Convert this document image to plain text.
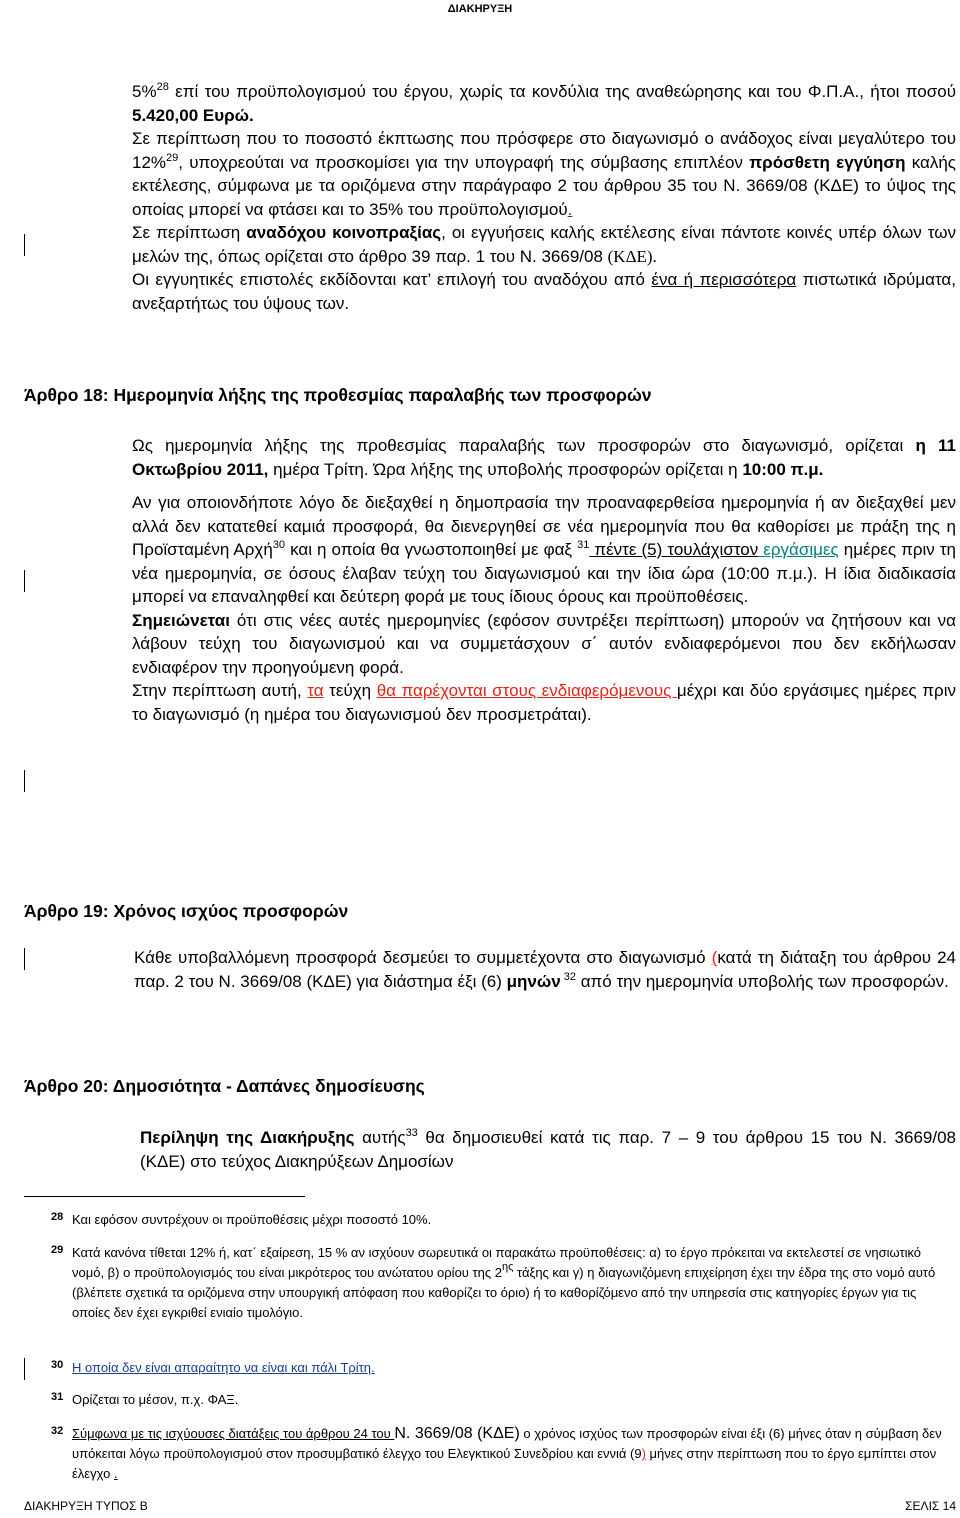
ΔΙΑΚΗΡΥΞΗ

5%$^{28}$ επί του προϋπολογισμού του έργου, χωρίς τα κονδύλια της αναθεώρησης και του Φ.Π.Α., ήτοι ποσού 5.420,00 Ευρώ.

Σε περίπτωση που το ποσοστό έκπτωσης που πρόσφερε στο διαγωνισμό ο ανάδοχος είναι μεγαλύτερο του 12%$^{29}$, υποχρεούται να προσκομίσει για την υπογραφή της σύμβασης επιπλέον πρόσθετη εγγύηση καλής εκτέλεσης, σύμφωνα με τα οριζόμενα στην παράγραφο 2 του άρθρου 35 του Ν. 3669/08 (ΚΔΕ) το ύψος της οποίας μπορεί να φτάσει και το 35% του προϋπολογισμού.

Σε περίπτωση αναδόχου κοινοπραξίας, οι εγγυήσεις καλής εκτέλεσης είναι πάντοτε κοινές υπέρ όλων των μελών της, όπως ορίζεται στο άρθρο 39 παρ. 1 του Ν. 3669/08 (ΚΔΕ).

Οι εγγυητικές επιστολές εκδίδονται κατ’ επιλογή του αναδόχου από ένα ή περισσότερα πιστωτικά ιδρύματα, ανεξαρτήτως του ύψους των.

Άρθρο 18: Ημερομηνία λήξης της προθεσμίας παραλαβής των προσφορών

Ως ημερομηνία λήξης της προθεσμίας παραλαβής των προσφορών στο διαγωνισμό, ορίζεται η 11 Οκτωβρίου 2011, ημέρα Τρίτη. Ώρα λήξης της υποβολής προσφορών ορίζεται η 10:00 π.μ.

Αν για οποιονδήποτε λόγο δε διεξαχθεί η δημοπρασία την προαναφερθείσα ημερομηνία ή αν διεξαχθεί μεν αλλά δεν κατατεθεί καμιά προσφορά, θα διενεργηθεί σε νέα ημερομηνία που θα καθορίσει με πράξη της η Προϊσταμένη Αρχή$^{30}$ και η οποία θα γνωστοποιηθεί με φαξ $^{31}$ πέντε (5) τουλάχιστον εργάσιμες ημέρες πριν τη νέα ημερομηνία, σε όσους έλαβαν τεύχη του διαγωνισμού και την ίδια ώρα (10:00 π.μ.). Η ίδια διαδικασία μπορεί να επαναληφθεί και δεύτερη φορά με τους ίδιους όρους και προϋποθέσεις.

Σημειώνεται ότι στις νέες αυτές ημερομηνίες (εφόσον συντρέξει περίπτωση) μπορούν να ζητήσουν και να λάβουν τεύχη του διαγωνισμού και να συμμετάσχουν σ΄ αυτόν ενδιαφερόμενοι που δεν εκδήλωσαν ενδιαφέρον την προηγούμενη φορά.

Στην περίπτωση αυτή, τα τεύχη θα παρέχονται στους ενδιαφερόμενους μέχρι και δύο εργάσιμες ημέρες πριν το διαγωνισμό (η ημέρα του διαγωνισμού δεν προσμετράται).

Άρθρο 19: Χρόνος ισχύος προσφορών

Κάθε υποβαλλόμενη προσφορά δεσμεύει το συμμετέχοντα στο διαγωνισμό (κατά τη διάταξη του άρθρου 24 παρ. 2 του Ν. 3669/08 (ΚΔΕ) για διάστημα έξι (6) μηνών $^{32}$ από την ημερομηνία υποβολής των προσφορών.

Άρθρο 20: Δημοσιότητα - Δαπάνες δημοσίευσης

Περίληψη της Διακήρυξης αυτής$^{33}$ θα δημοσιευθεί κατά τις παρ. 7 – 9 του άρθρου 15 του Ν. 3669/08 (ΚΔΕ) στο τεύχος Διακηρύξεων Δημοσίων

28 Και εφόσον συντρέχουν οι προϋποθέσεις μέχρι ποσοστό 10%.
29 Κατά κανόνα τίθεται 12% ή, κατ΄ εξαίρεση, 15 % αν ισχύουν σωρευτικά οι παρακάτω προϋποθέσεις: α) το έργο πρόκειται να εκτελεστεί σε νησιωτικό νομό, β) ο προϋπολογισμός του είναι μικρότερος του ανώτατου ορίου της $2^{\eta\varsigma}$ τάξης και γ) η διαγωνιζόμενη επιχείρηση έχει την έδρα της στο νομό αυτό (βλέπετε σχετικά τα οριζόμενα στην υπουργική απόφαση που καθορίζει το όριο) ή το καθορίζόμενο από την υπηρεσία στις κατηγορίες έργων για τις οποίες δεν έχει εγκριθεί ενιαίο τιμολόγιο.
30 Η οποία δεν είναι απαραίτητο να είναι και πάλι Τρίτη.
31 Ορίζεται το μέσον, π.χ. ΦΑΞ.
32 Σύμφωνα με τις ισχύουσες διατάξεις του άρθρου 24 του Ν. 3669/08 (ΚΔΕ) ο χρόνος ισχύος των προσφορών είναι έξι (6) μήνες όταν η σύμβαση δεν υπόκειται λόγω προϋπολογισμού στον προσυμβατικό έλεγχο του Ελεγκτικού Συνεδρίου και εννιά (9) μήνες στην περίπτωση που το έργο εμπίπτει στον έλεγχο .
ΔΙΑΚΗΡΥΞΗ ΤΥΠΟΣ Β	ΣΕΛΙΣ 14
